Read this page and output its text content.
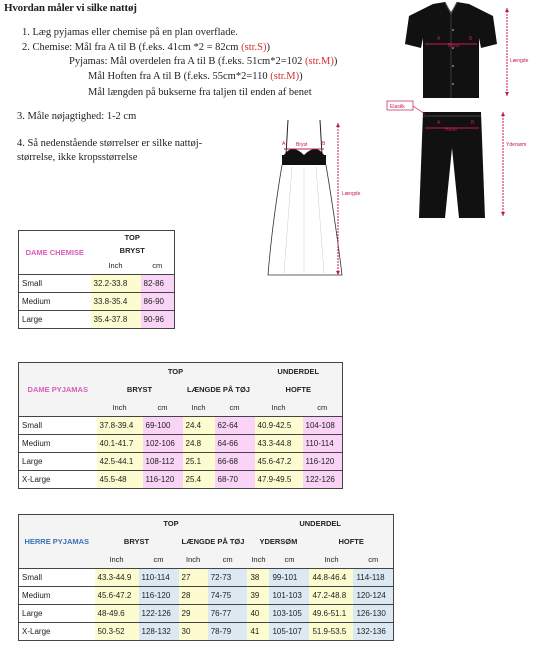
Hvordan måler vi silke nattøj
1. Læg pyjamas eller chemise på en plan overflade.
2. Chemise: Mål fra A til B (f.eks. 41cm *2 = 82cm (str.S))
Pyjamas: Mål overdelen fra A til B (f.eks. 51cm*2=102 (str.M))
Mål Hoften fra A til B (f.eks. 55cm*2=110 (str.M))
Mål længden på bukserne fra taljen til enden af benet
3. Måle nøjagtighed: 1-2 cm
4. Så nedenstående størrelser er silke nattøj-
størrelse, ikke kropsstørrelse
A	B
Bryst
Længde
Elastik
A	B
Hofte
Ydersøm
A	B
Bryst
Længde
DAME CHEMISE	TOP	
	BRYST	
	Inch	cm
Small	32.2-33.8	82-86
Medium	33.8-35.4	86-90
Large	35.4-37.8	90-96
DAME PYJAMAS	TOP				UNDERDEL	
	BRYST		LÆNGDE PÅ TØJ		HOFTE	
	Inch	cm	Inch	cm	Inch	cm
Small	37.8-39.4	69-100	24.4	62-64	40.9-42.5	104-108
Medium	40.1-41.7	102-106	24.8	64-66	43.3-44.8	110-114
Large	42.5-44.1	108-112	25.1	66-68	45.6-47.2	116-120
X-Large	45.5-48	116-120	25.4	68-70	47.9-49.5	122-126
HERRE PYJAMAS	TOP				UNDERDEL			
	BRYST		LÆNGDE PÅ TØJ		YDERSØM		HOFTE	
	Inch	cm	Inch	cm	Inch	cm	Inch	cm
Small	43.3-44.9	110-114	27	72-73	38	99-101	44.8-46.4	114-118
Medium	45.6-47.2	116-120	28	74-75	39	101-103	47.2-48.8	120-124
Large	48-49.6	122-126	29	76-77	40	103-105	49.6-51.1	126-130
X-Large	50.3-52	128-132	30	78-79	41	105-107	51.9-53.5	132-136
